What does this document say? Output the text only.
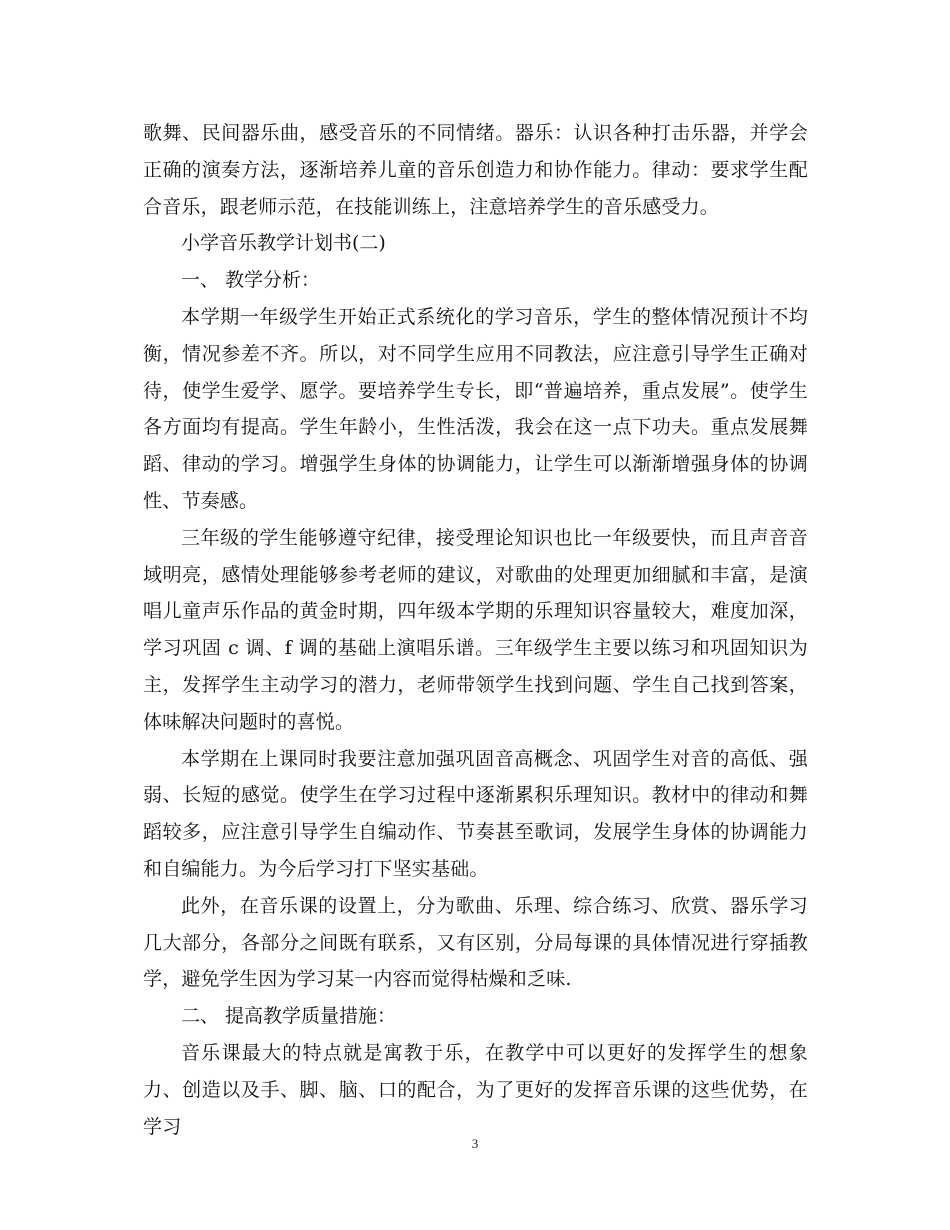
歌舞、民间器乐曲，感受音乐的不同情绪。器乐：认识各种打击乐器，并学会正确的演奏方法，逐渐培养儿童的音乐创造力和协作能力。律动：要求学生配合音乐，跟老师示范，在技能训练上，注意培养学生的音乐感受力。

小学音乐教学计划书(二)

一、 教学分析：

本学期一年级学生开始正式系统化的学习音乐，学生的整体情况预计不均衡，情况参差不齐。所以，对不同学生应用不同教法，应注意引导学生正确对待，使学生爱学、愿学。要培养学生专长，即“普遍培养，重点发展”。使学生各方面均有提高。学生年龄小，生性活泼，我会在这一点下功夫。重点发展舞蹈、律动的学习。增强学生身体的协调能力，让学生可以渐渐增强身体的协调性、节奏感。

三年级的学生能够遵守纪律，接受理论知识也比一年级要快，而且声音音域明亮，感情处理能够参考老师的建议，对歌曲的处理更加细腻和丰富，是演唱儿童声乐作品的黄金时期，四年级本学期的乐理知识容量较大，难度加深，学习巩固 c 调、f 调的基础上演唱乐谱。三年级学生主要以练习和巩固知识为主，发挥学生主动学习的潜力，老师带领学生找到问题、学生自己找到答案，体味解决问题时的喜悦。

本学期在上课同时我要注意加强巩固音高概念、巩固学生对音的高低、强弱、长短的感觉。使学生在学习过程中逐渐累积乐理知识。教材中的律动和舞蹈较多，应注意引导学生自编动作、节奏甚至歌词，发展学生身体的协调能力和自编能力。为今后学习打下坚实基础。

此外，在音乐课的设置上，分为歌曲、乐理、综合练习、欣赏、器乐学习几大部分，各部分之间既有联系，又有区别，分局每课的具体情况进行穿插教学，避免学生因为学习某一内容而觉得枯燥和乏味.

二、 提高教学质量措施：

音乐课最大的特点就是寓教于乐，在教学中可以更好的发挥学生的想象力、创造以及手、脚、脑、口的配合，为了更好的发挥音乐课的这些优势，在学习

3
